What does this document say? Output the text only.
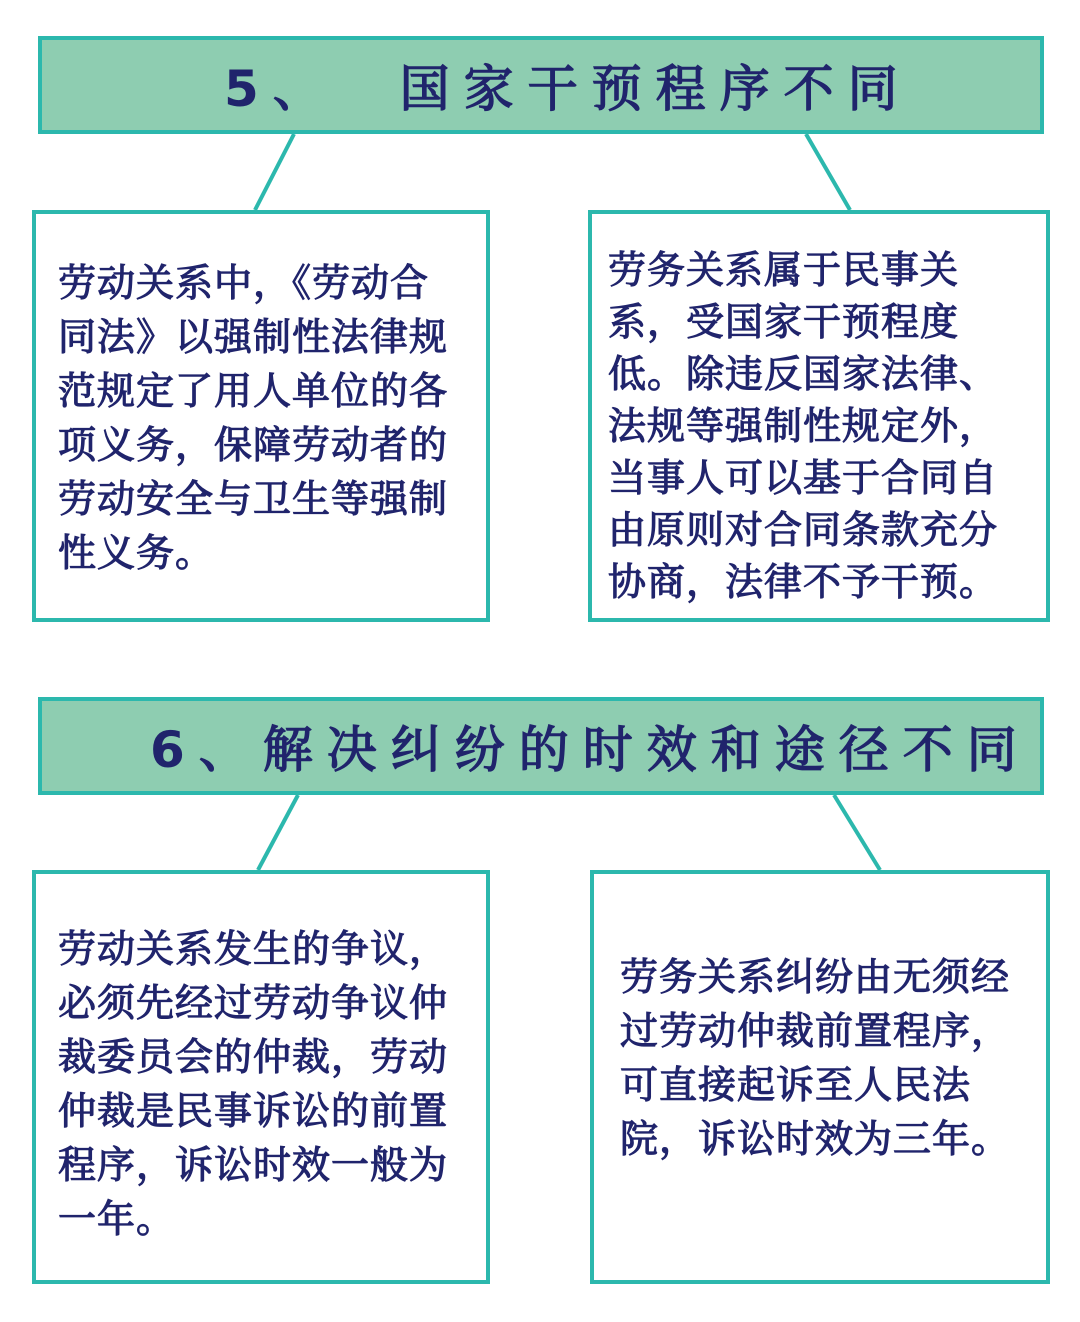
5、  国家干预程序不同

劳动关系中，《劳动合同法》以强制性法律规范规定了用人单位的各项义务，保障劳动者的劳动安全与卫生等强制性义务。

劳务关系属于民事关系，受国家干预程度低。除违反国家法律、法规等强制性规定外，当事人可以基于合同自由原则对合同条款充分协商，法律不予干预。

6、解决纠纷的时效和途径不同

劳动关系发生的争议，必须先经过劳动争议仲裁委员会的仲裁，劳动仲裁是民事诉讼的前置程序，诉讼时效一般为一年。

劳务关系纠纷由无须经过劳动仲裁前置程序，可直接起诉至人民法院，诉讼时效为三年。
